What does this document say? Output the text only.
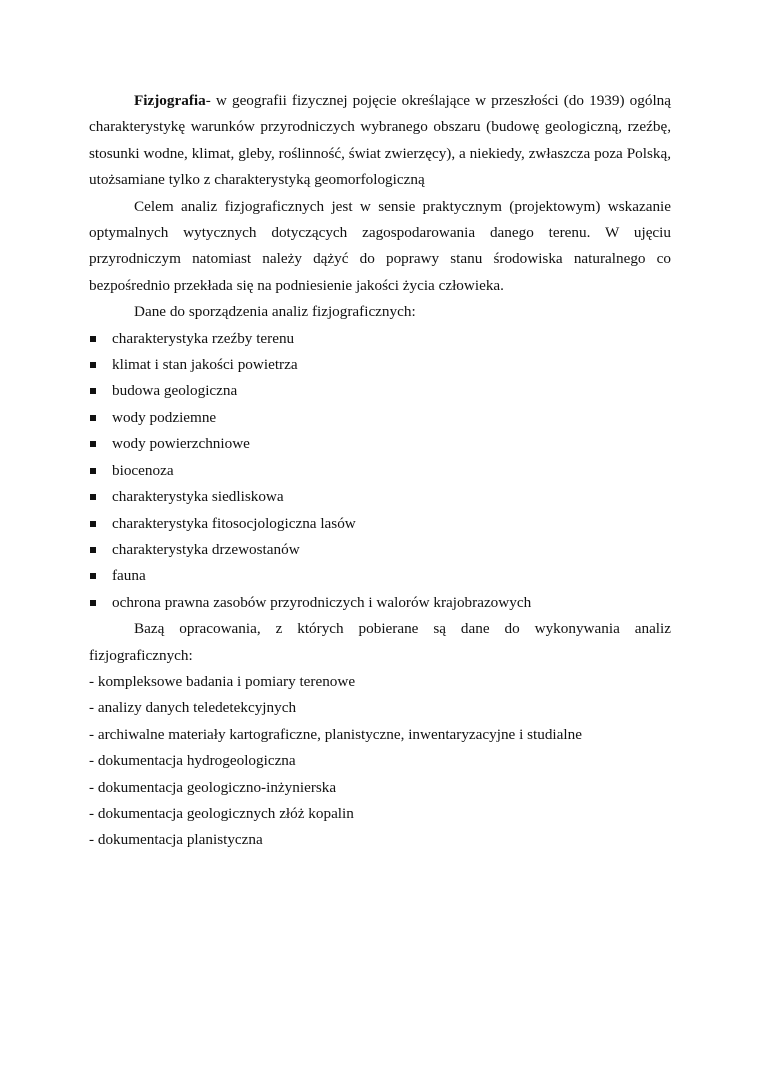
Fizjografia- w geografii fizycznej pojęcie określające w przeszłości (do 1939) ogólną charakterystykę warunków przyrodniczych wybranego obszaru (budowę geologiczną, rzeźbę, stosunki wodne, klimat, gleby, roślinność, świat zwierzęcy), a niekiedy, zwłaszcza poza Polską, utożsamiane tylko z charakterystyką geomorfologiczną

Celem analiz fizjograficznych jest w sensie praktycznym (projektowym) wskazanie optymalnych wytycznych dotyczących zagospodarowania danego terenu. W ujęciu przyrodniczym natomiast należy dążyć do poprawy stanu środowiska naturalnego co bezpośrednio przekłada się na podniesienie jakości życia człowieka.

Dane do sporządzenia analiz fizjograficznych:

charakterystyka rzeźby terenu
klimat i stan jakości powietrza
budowa geologiczna
wody podziemne
wody powierzchniowe
biocenoza
charakterystyka siedliskowa
charakterystyka fitosocjologiczna lasów
charakterystyka drzewostanów
fauna
ochrona prawna zasobów przyrodniczych i walorów krajobrazowych

Bazą opracowania, z których pobierane są dane do wykonywania analiz fizjograficznych:

- kompleksowe badania i pomiary terenowe
- analizy danych teledetekcyjnych
- archiwalne materiały kartograficzne, planistyczne, inwentaryzacyjne i studialne
- dokumentacja hydrogeologiczna
- dokumentacja geologiczno-inżynierska
- dokumentacja geologicznych złóż kopalin
- dokumentacja planistyczna
